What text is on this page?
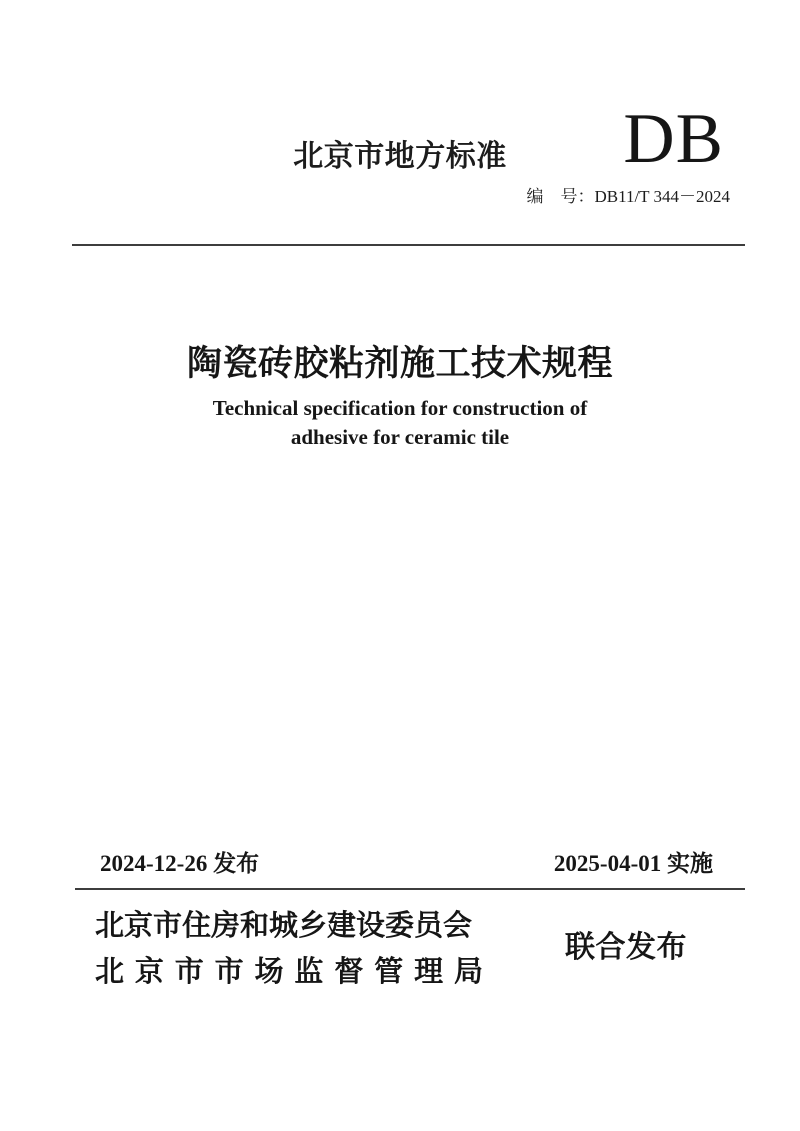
北京市地方标准	DB
编　号：DB11/T 344－2024
陶瓷砖胶粘剂施工技术规程
Technical specification for construction of
adhesive for ceramic tile
2024-12-26 发布	2025-04-01 实施
北京市住房和城乡建设委员会
北京市市场监督管理局
联合发布
